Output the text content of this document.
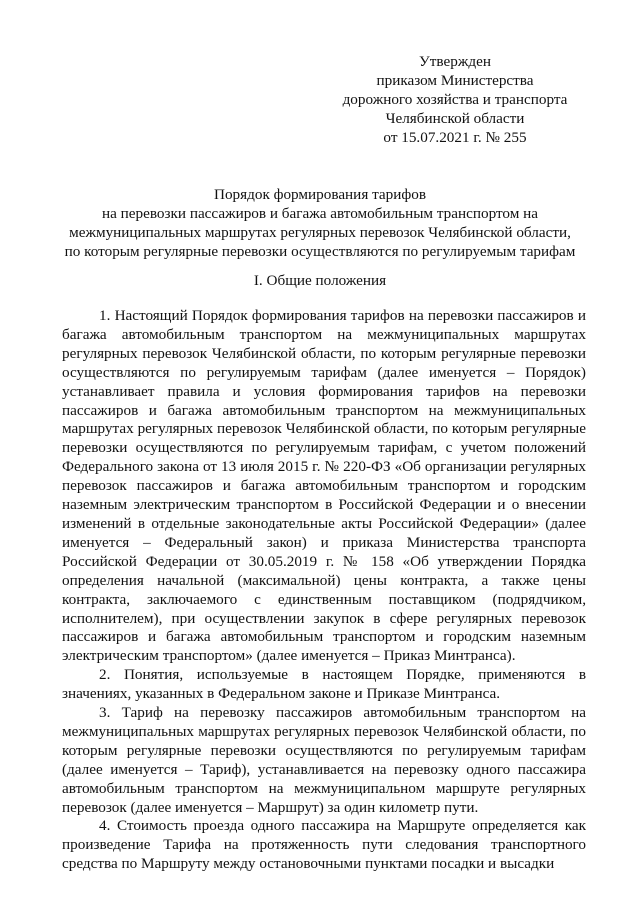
Утвержден
приказом Министерства
дорожного хозяйства и транспорта
Челябинской области
от 15.07.2021 г. № 255
Порядок формирования тарифов
на перевозки пассажиров и багажа автомобильным транспортом на
межмуниципальных маршрутах регулярных перевозок Челябинской области,
по которым регулярные перевозки осуществляются по регулируемым тарифам
I. Общие положения

1. Настоящий Порядок формирования тарифов на перевозки пассажиров и багажа автомобильным транспортом на межмуниципальных маршрутах регулярных перевозок Челябинской области, по которым регулярные перевозки осуществляются по регулируемым тарифам (далее именуется – Порядок) устанавливает правила и условия формирования тарифов на перевозки пассажиров и багажа автомобильным транспортом на межмуниципальных маршрутах регулярных перевозок Челябинской области, по которым регулярные перевозки осуществляются по регулируемым тарифам, с учетом положений Федерального закона от 13 июля 2015 г. № 220-ФЗ «Об организации регулярных перевозок пассажиров и багажа автомобильным транспортом и городским наземным электрическим транспортом в Российской Федерации и о внесении изменений в отдельные законодательные акты Российской Федерации» (далее именуется – Федеральный закон) и приказа Министерства транспорта Российской Федерации от 30.05.2019 г. № 158 «Об утверждении Порядка определения начальной (максимальной) цены контракта, а также цены контракта, заключаемого с единственным поставщиком (подрядчиком, исполнителем), при осуществлении закупок в сфере регулярных перевозок пассажиров и багажа автомобильным транспортом и городским наземным электрическим транспортом» (далее именуется – Приказ Минтранса).

2. Понятия, используемые в настоящем Порядке, применяются в значениях, указанных в Федеральном законе и Приказе Минтранса.

3. Тариф на перевозку пассажиров автомобильным транспортом на межмуниципальных маршрутах регулярных перевозок Челябинской области, по которым регулярные перевозки осуществляются по регулируемым тарифам (далее именуется – Тариф), устанавливается на перевозку одного пассажира автомобильным транспортом на межмуниципальном маршруте регулярных перевозок (далее именуется – Маршрут) за один километр пути.

4. Стоимость проезда одного пассажира на Маршруте определяется как произведение Тарифа на протяженность пути следования транспортного средства по Маршруту между остановочными пунктами посадки и высадки
